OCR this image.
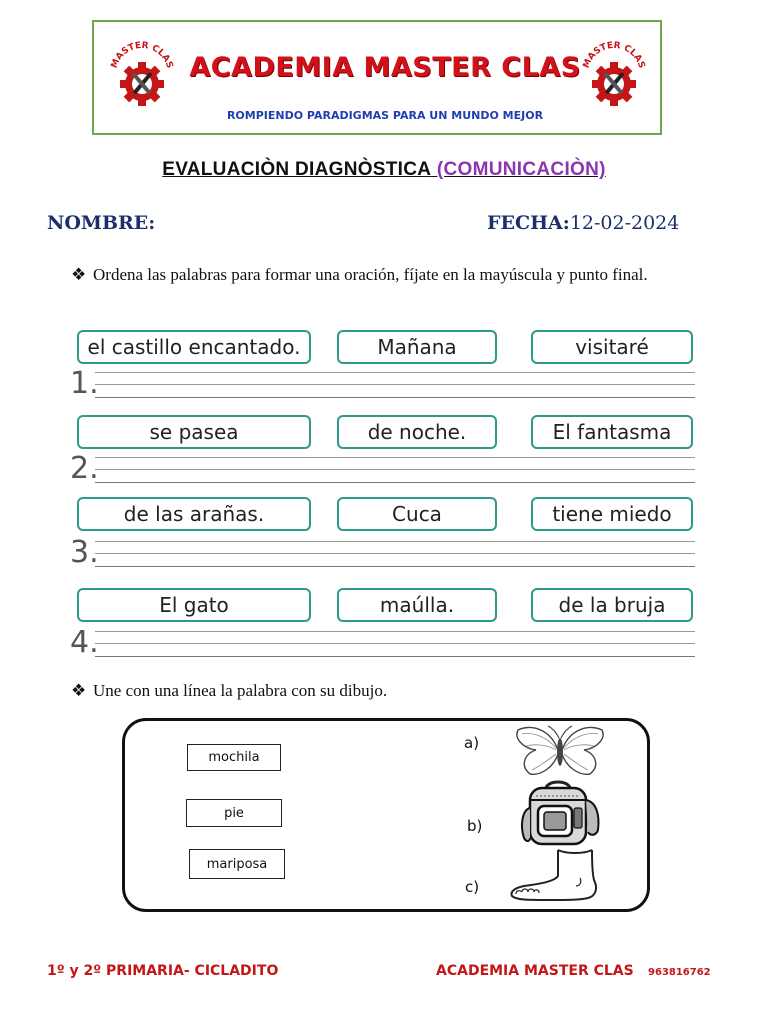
MASTER CLAS	MASTER CLAS
ACADEMIA MASTER CLAS
ROMPIENDO PARADIGMAS PARA UN MUNDO MEJOR
EVALUACIÒN DIAGNÒSTICA (COMUNICACIÒN)
NOMBRE:	FECHA:12-02-2024
❖ Ordena las palabras para formar una oración, fíjate en la mayúscula y punto final.
el castillo encantado.	Mañana	visitaré
1.
se pasea	de noche.	El fantasma
2.
de las arañas.	Cuca	tiene miedo
3.
El gato	maúlla.	de la bruja
4.
❖ Une con una línea la palabra con su dibujo.
mochila
pie
mariposa
a)
b)
c)
1º y 2º PRIMARIA- CICLADITO	ACADEMIA MASTER CLAS 963816762
